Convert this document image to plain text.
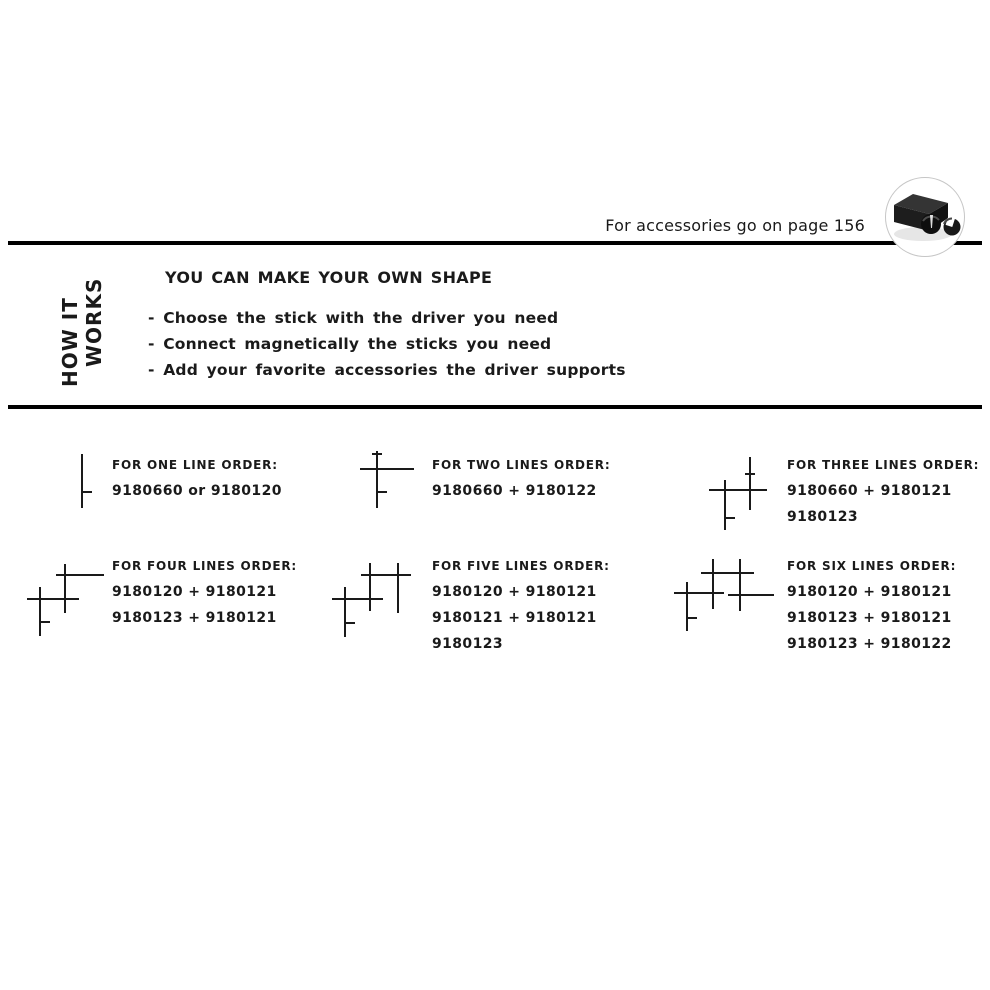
For accessories go on page 156
HOW IT WORKS
YOU CAN MAKE YOUR OWN SHAPE
- Choose the stick with the driver you need
- Connect magnetically the sticks you need
- Add your favorite accessories the driver supports
FOR ONE LINE ORDER:
9180660 or 9180120
FOR TWO LINES ORDER:
9180660 + 9180122
FOR THREE LINES ORDER:
9180660 + 9180121
9180123
FOR FOUR LINES ORDER:
9180120 + 9180121
9180123 + 9180121
FOR FIVE LINES ORDER:
9180120 + 9180121
9180121 + 9180121
9180123
FOR SIX LINES ORDER:
9180120 + 9180121
9180123 + 9180121
9180123 + 9180122
